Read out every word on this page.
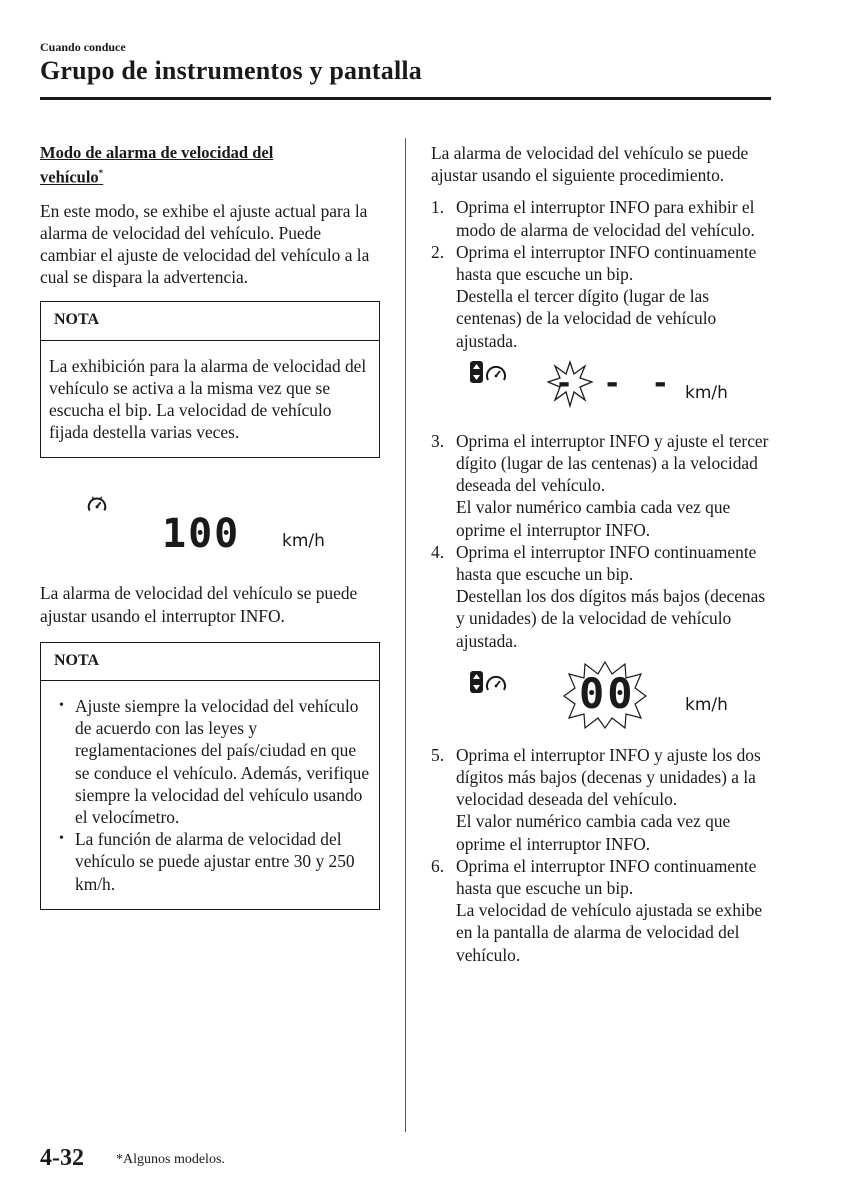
Cuando conduce
Grupo de instrumentos y pantalla
Modo de alarma de velocidad del
vehículo*

En este modo, se exhibe el ajuste actual para la alarma de velocidad del vehículo. Puede cambiar el ajuste de velocidad del vehículo a la cual se dispara la advertencia.

NOTA
La exhibición para la alarma de velocidad del vehículo se activa a la misma vez que se escucha el bip. La velocidad de vehículo fijada destella varias veces.
100 km/h

La alarma de velocidad del vehículo se puede ajustar usando el interruptor INFO.

NOTA
• Ajuste siempre la velocidad del vehículo de acuerdo con las leyes y reglamentaciones del país/ciudad en que se conduce el vehículo. Además, verifique siempre la velocidad del vehículo usando el velocímetro.
• La función de alarma de velocidad del vehículo se puede ajustar entre 30 y 250 km/h.

La alarma de velocidad del vehículo se puede ajustar usando el siguiente procedimiento.

1. Oprima el interruptor INFO para exhibir el modo de alarma de velocidad del vehículo.
2. Oprima el interruptor INFO continuamente hasta que escuche un bip.
Destella el tercer dígito (lugar de las centenas) de la velocidad de vehículo ajustada.
- - - km/h
3. Oprima el interruptor INFO y ajuste el tercer dígito (lugar de las centenas) a la velocidad deseada del vehículo.
El valor numérico cambia cada vez que oprime el interruptor INFO.
4. Oprima el interruptor INFO continuamente hasta que escuche un bip.
Destellan los dos dígitos más bajos (decenas y unidades) de la velocidad de vehículo ajustada.
00	km/h
5. Oprima el interruptor INFO y ajuste los dos dígitos más bajos (decenas y unidades) a la velocidad deseada del vehículo.
El valor numérico cambia cada vez que oprime el interruptor INFO.
6. Oprima el interruptor INFO continuamente hasta que escuche un bip.
La velocidad de vehículo ajustada se exhibe en la pantalla de alarma de velocidad del vehículo.
4-32 *Algunos modelos.
